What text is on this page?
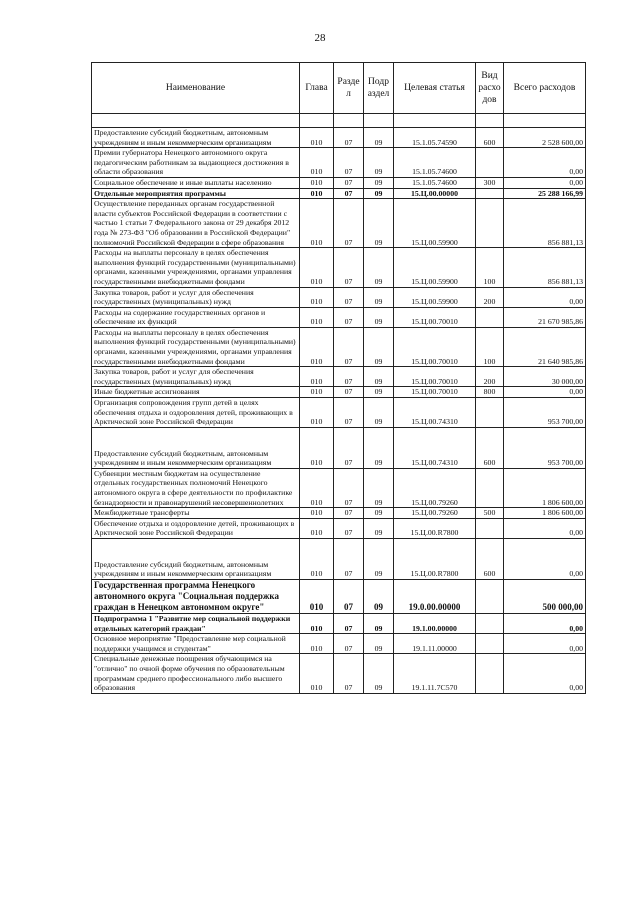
28
Наименование	Глава	Разде л	Подр аздел	Целевая статья	Вид расхо дов	Всего расходов

Предоставление субсидий бюджетным, автономным учреждениям и иным некоммерческим организациям	010	07	09	15.1.05.74590	600	2 528 600,00
Премии губернатора Ненецкого автономного округа педагогическим работникам за выдающиеся достижения в области образования	010	07	09	15.1.05.74600		0,00
Социальное обеспечение и иные выплаты населению	010	07	09	15.1.05.74600	300	0,00
Отдельные мероприятия программы	010	07	09	15.Ц.00.00000		25 288 166,99
Осуществление переданных органам государственной власти субъектов Российской Федерации в соответствии с частью 1 статьи 7 Федерального закона от 29 декабря 2012 года № 273-ФЗ "Об образовании в Российской Федерации" полномочий Российской Федерации в сфере образования	010	07	09	15.Ц.00.59900		856 881,13
Расходы на выплаты персоналу в целях обеспечения выполнения функций государственными (муниципальными) органами, казенными учреждениями, органами управления государственными внебюджетными фондами	010	07	09	15.Ц.00.59900	100	856 881,13
Закупка товаров, работ и услуг для обеспечения государственных (муниципальных) нужд	010	07	09	15.Ц.00.59900	200	0,00
Расходы на содержание государственных органов и обеспечение их функций	010	07	09	15.Ц.00.70010		21 670 985,86
Расходы на выплаты персоналу в целях обеспечения выполнения функций государственными (муниципальными) органами, казенными учреждениями, органами управления государственными внебюджетными фондами	010	07	09	15.Ц.00.70010	100	21 640 985,86
Закупка товаров, работ и услуг для обеспечения государственных (муниципальных) нужд	010	07	09	15.Ц.00.70010	200	30 000,00
Иные бюджетные ассигнования	010	07	09	15.Ц.00.70010	800	0,00
Организация сопровождения групп детей в целях обеспечения отдыха и оздоровления детей, проживающих в Арктической зоне Российской Федерации	010	07	09	15.Ц.00.74310		953 700,00
Предоставление субсидий бюджетным, автономным учреждениям и иным некоммерческим организациям	010	07	09	15.Ц.00.74310	600	953 700,00
Субвенции местным бюджетам на осуществление отдельных государственных полномочий Ненецкого автономного округа в сфере деятельности по профилактике безнадзорности и правонарушений несовершеннолетних	010	07	09	15.Ц.00.79260		1 806 600,00
Межбюджетные трансферты	010	07	09	15.Ц.00.79260	500	1 806 600,00
Обеспечение отдыха и оздоровление детей, проживающих в Арктической зоне Российской Федерации	010	07	09	15.Ц.00.R7800		0,00
Предоставление субсидий бюджетным, автономным учреждениям и иным некоммерческим организациям	010	07	09	15.Ц.00.R7800	600	0,00
Государственная программа Ненецкого автономного округа "Социальная поддержка граждан в Ненецком автономном округе"	010	07	09	19.0.00.00000		500 000,00
Подпрограмма 1 "Развитие мер социальной поддержки отдельных категорий граждан"	010	07	09	19.1.00.00000		0,00
Основное мероприятие "Предоставление мер социальной поддержки учащимся и студентам"	010	07	09	19.1.11.00000		0,00
Специальные денежные поощрения обучающимся на "отлично" по очной форме обучения по образовательным программам среднего профессионального либо высшего образования	010	07	09	19.1.11.7С570		0,00
